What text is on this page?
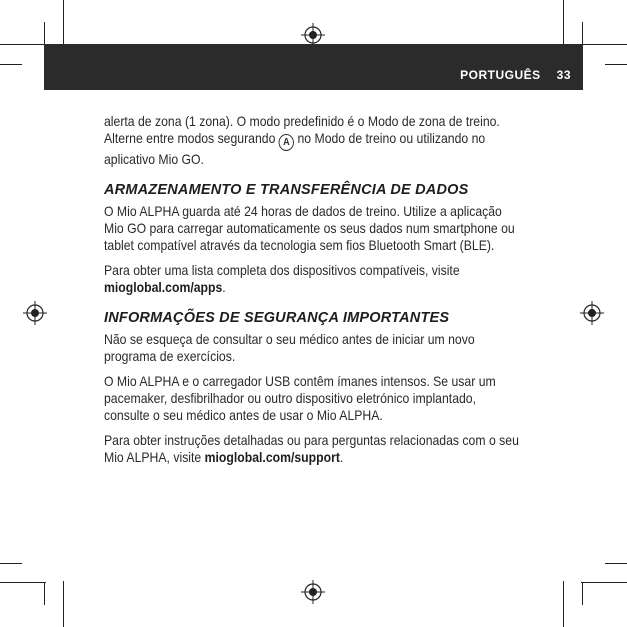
PORTUGUÊS 33

alerta de zona (1 zona). O modo predefinido é o Modo de zona de treino. Alterne entre modos segurando A no Modo de treino ou utilizando no aplicativo Mio GO.

ARMAZENAMENTO E TRANSFERÊNCIA DE DADOS

O Mio ALPHA guarda até 24 horas de dados de treino. Utilize a aplicação Mio GO para carregar automaticamente os seus dados num smartphone ou tablet compatível através da tecnologia sem fios Bluetooth Smart (BLE).

Para obter uma lista completa dos dispositivos compatíveis, visite mioglobal.com/apps.

INFORMAÇÕES DE SEGURANÇA IMPORTANTES

Não se esqueça de consultar o seu médico antes de iniciar um novo programa de exercícios.

O Mio ALPHA e o carregador USB contêm ímanes intensos. Se usar um pacemaker, desfibrilhador ou outro dispositivo eletrónico implantado, consulte o seu médico antes de usar o Mio ALPHA.

Para obter instruções detalhadas ou para perguntas relacionadas com o seu Mio ALPHA, visite mioglobal.com/support.
